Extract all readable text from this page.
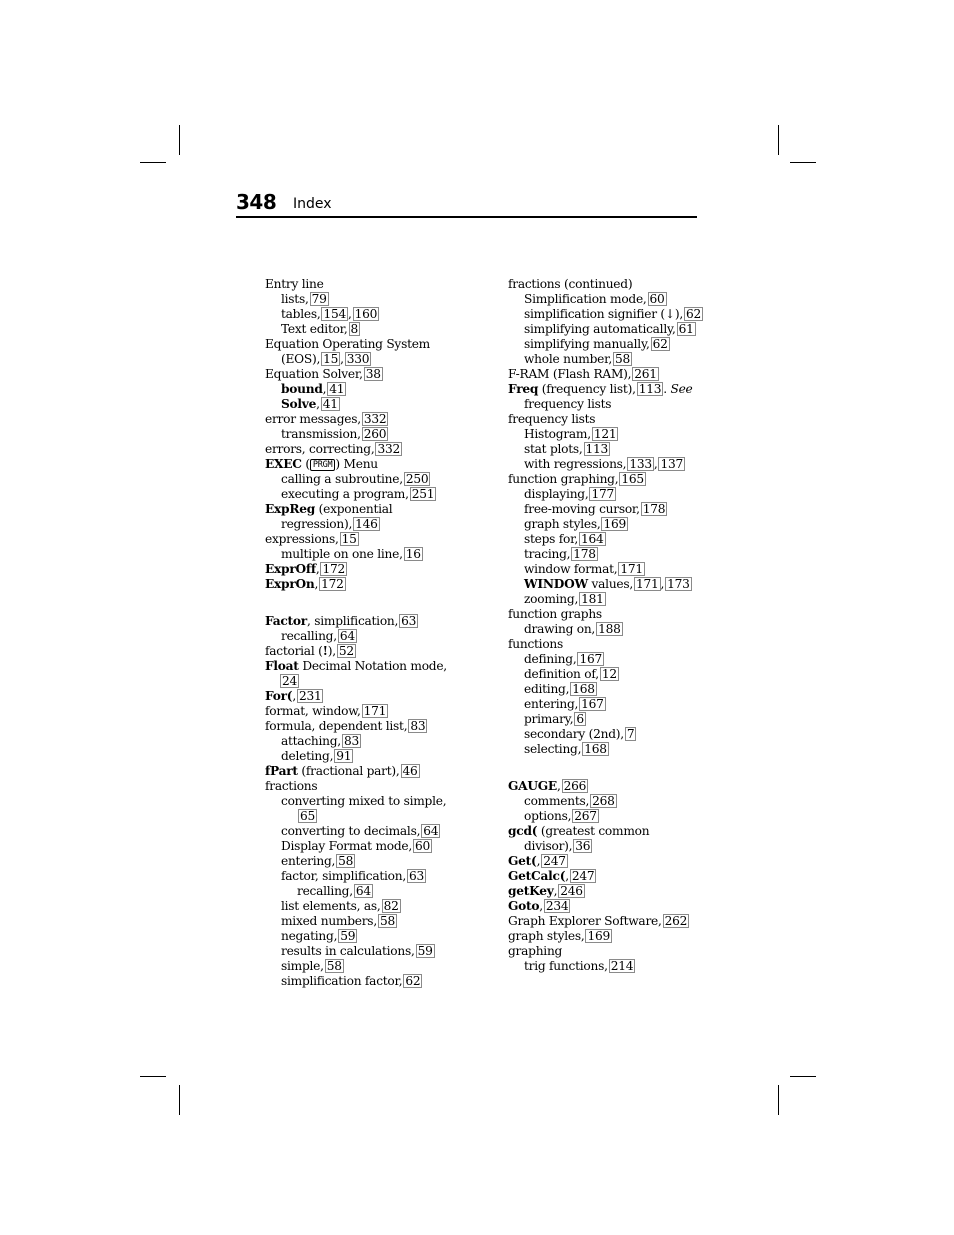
348 Index
Entry line
lists, 79
tables, 154 , 160
Text editor, 8
Equation Operating System
(EOS), 15 , 330
Equation Solver, 38
bound, 41
Solve, 41
error messages, 332
transmission, 260
errors, correcting, 332
EXEC ( PRGM ) Menu
calling a subroutine, 250
executing a program, 251
ExpReg (exponential
regression), 146
expressions, 15
multiple on one line, 16
ExprOff, 172
ExprOn, 172
Factor, simplification, 63
recalling, 64
factorial (!), 52
Float Decimal Notation mode,
24
For(, 231
format, window, 171
formula, dependent list, 83
attaching, 83
deleting, 91
fPart (fractional part), 46
fractions
converting mixed to simple,
65
converting to decimals, 64
Display Format mode, 60
entering, 58
factor, simplification, 63
recalling, 64
list elements, as, 82
mixed numbers, 58
negating, 59
results in calculations, 59
simple, 58
simplification factor, 62
fractions (continued)
Simplification mode, 60
simplification signifier (↓), 62
simplifying automatically, 61
simplifying manually, 62
whole number, 58
F-RAM (Flash RAM), 261
Freq (frequency list), 113 . See
frequency lists
frequency lists
Histogram, 121
stat plots, 113
with regressions, 133 , 137
function graphing, 165
displaying, 177
free-moving cursor, 178
graph styles, 169
steps for, 164
tracing, 178
window format, 171
WINDOW values, 171 , 173
zooming, 181
function graphs
drawing on, 188
functions
defining, 167
definition of, 12
editing, 168
entering, 167
primary, 6
secondary (2nd), 7
selecting, 168
GAUGE, 266
comments, 268
options, 267
gcd( (greatest common
divisor), 36
Get(, 247
GetCalc(, 247
getKey, 246
Goto, 234
Graph Explorer Software, 262
graph styles, 169
graphing
trig functions, 214
